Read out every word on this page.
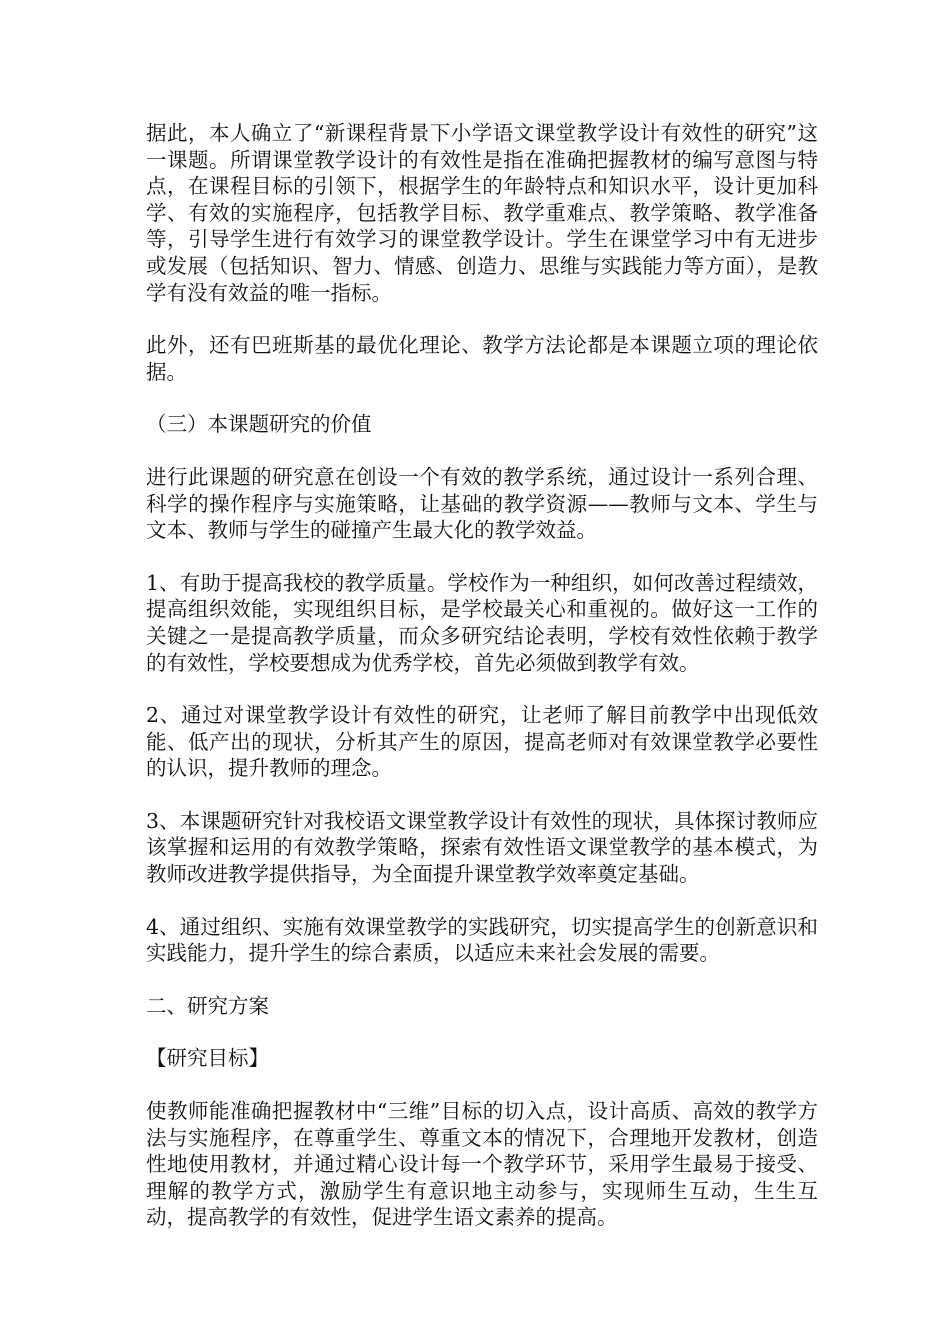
据此，本人确立了“新课程背景下小学语文课堂教学设计有效性的研究”这一课题。所谓课堂教学设计的有效性是指在准确把握教材的编写意图与特点，在课程目标的引领下，根据学生的年龄特点和知识水平，设计更加科学、有效的实施程序，包括教学目标、教学重难点、教学策略、教学准备等，引导学生进行有效学习的课堂教学设计。学生在课堂学习中有无进步或发展（包括知识、智力、情感、创造力、思维与实践能力等方面），是教学有没有效益的唯一指标。

此外，还有巴班斯基的最优化理论、教学方法论都是本课题立项的理论依据。

（三）本课题研究的价值

进行此课题的研究意在创设一个有效的教学系统，通过设计一系列合理、科学的操作程序与实施策略，让基础的教学资源——教师与文本、学生与文本、教师与学生的碰撞产生最大化的教学效益。

1、有助于提高我校的教学质量。学校作为一种组织，如何改善过程绩效，提高组织效能，实现组织目标，是学校最关心和重视的。做好这一工作的关键之一是提高教学质量，而众多研究结论表明，学校有效性依赖于教学的有效性，学校要想成为优秀学校，首先必须做到教学有效。

2、通过对课堂教学设计有效性的研究，让老师了解目前教学中出现低效能、低产出的现状，分析其产生的原因，提高老师对有效课堂教学必要性的认识，提升教师的理念。

3、本课题研究针对我校语文课堂教学设计有效性的现状，具体探讨教师应该掌握和运用的有效教学策略，探索有效性语文课堂教学的基本模式，为教师改进教学提供指导，为全面提升课堂教学效率奠定基础。

4、通过组织、实施有效课堂教学的实践研究，切实提高学生的创新意识和实践能力，提升学生的综合素质，以适应未来社会发展的需要。

二、研究方案

【研究目标】

使教师能准确把握教材中“三维”目标的切入点，设计高质、高效的教学方法与实施程序，在尊重学生、尊重文本的情况下，合理地开发教材，创造性地使用教材，并通过精心设计每一个教学环节，采用学生最易于接受、理解的教学方式，激励学生有意识地主动参与，实现师生互动，生生互动，提高教学的有效性，促进学生语文素养的提高。
